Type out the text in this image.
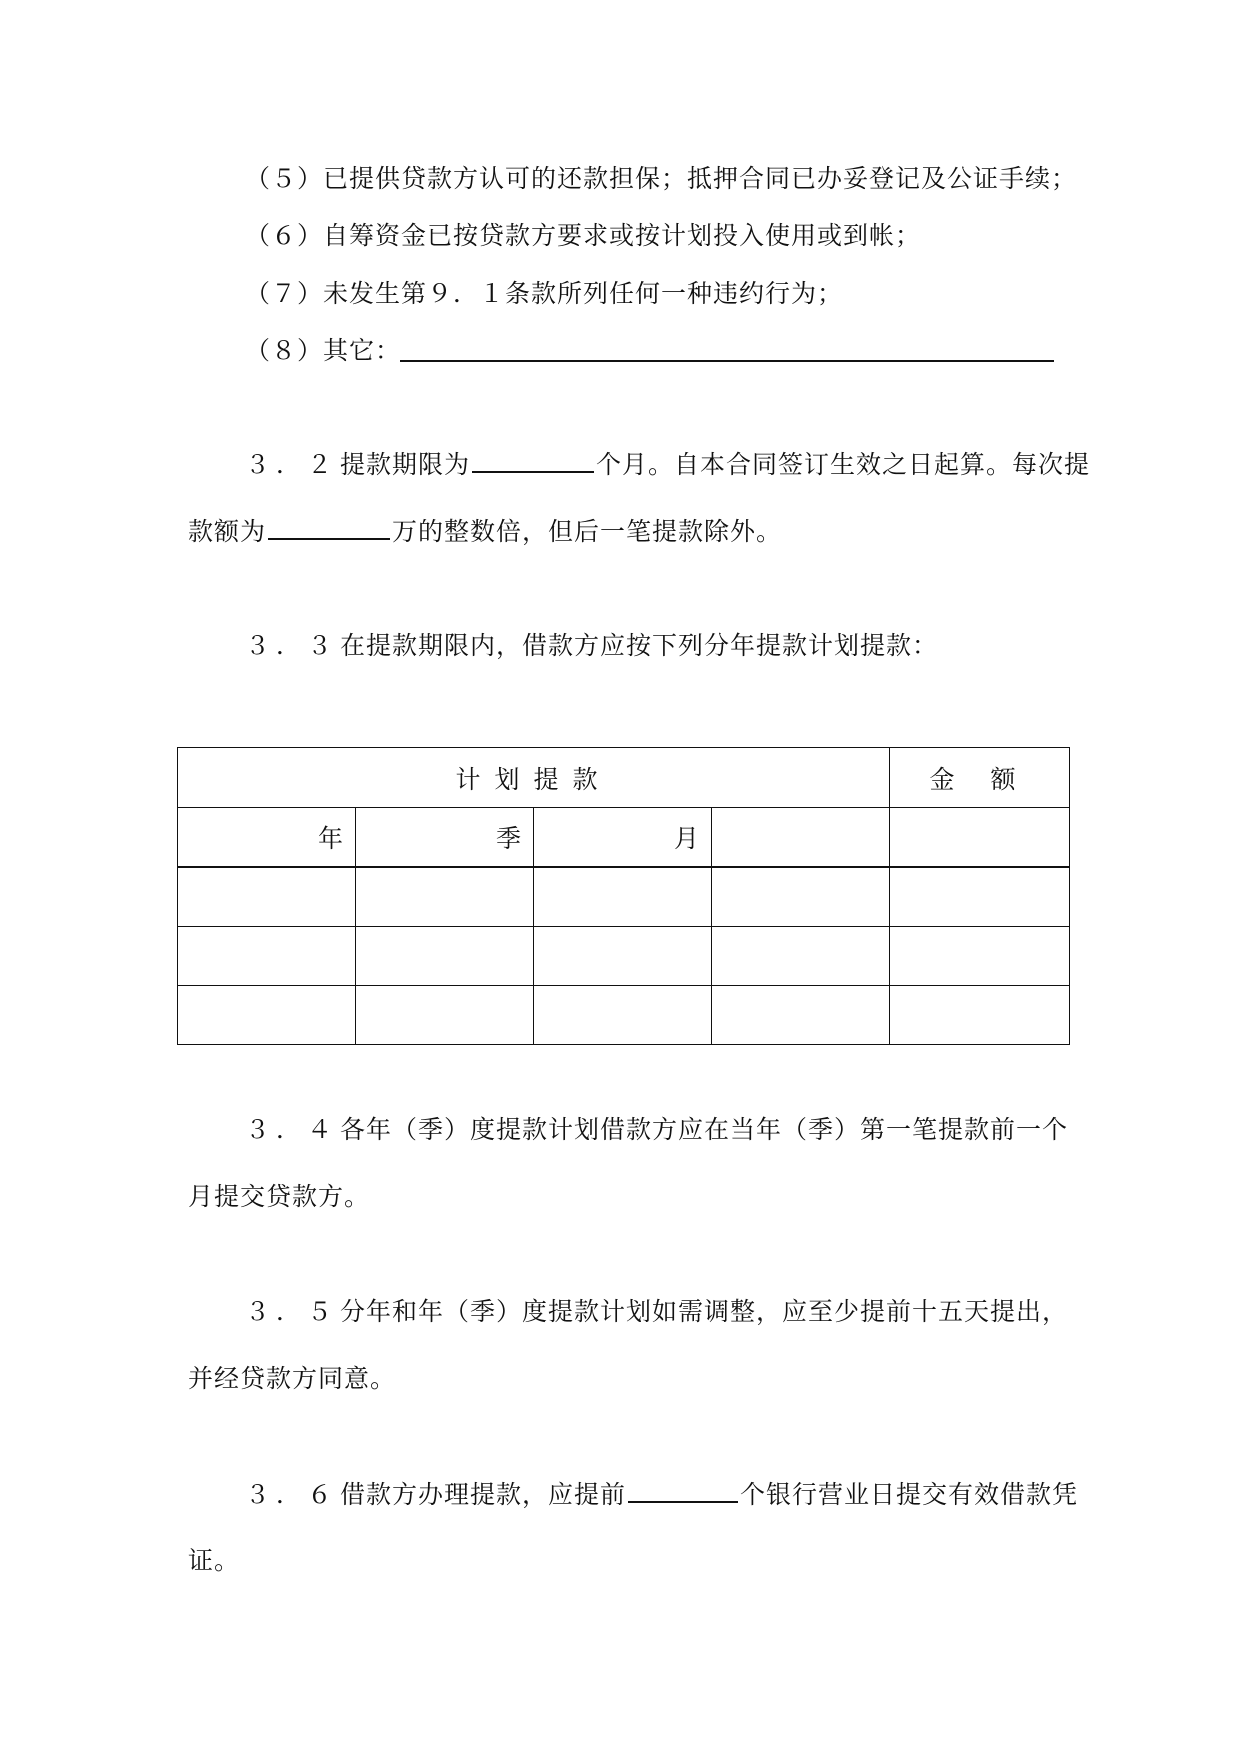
（５）已提供贷款方认可的还款担保；抵押合同已办妥登记及公证手续；
（６）自筹资金已按贷款方要求或按计划投入使用或到帐；
（７）未发生第９．１条款所列任何一种违约行为；
（８）其它：
３．２提款期限为	个月。自本合同签订生效之日起算。每次提
款额为	万的整数倍，但后一笔提款除外。
３．３在提款期限内，借款方应按下列分年提款计划提款：
计划提款				金 额
年	季	月		

３．４各年（季）度提款计划借款方应在当年（季）第一笔提款前一个
月提交贷款方。
３．５分年和年（季）度提款计划如需调整，应至少提前十五天提出，
并经贷款方同意。
３．６借款方办理提款，应提前	个银行营业日提交有效借款凭
证。
